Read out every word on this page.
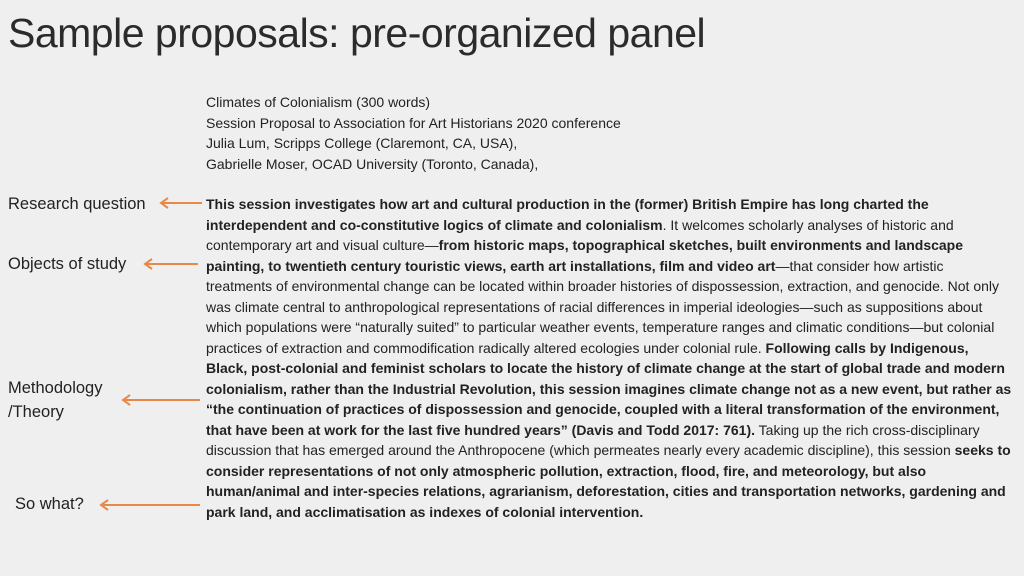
Sample proposals: pre-organized panel
Climates of Colonialism (300 words)
Session Proposal to Association for Art Historians 2020 conference
Julia Lum, Scripps College (Claremont, CA, USA),
Gabrielle Moser, OCAD University (Toronto, Canada),
Research question
Objects of study
Methodology
/Theory
So what?
This session investigates how art and cultural production in the (former) British Empire has long charted the interdependent and co-constitutive logics of climate and colonialism. It welcomes scholarly analyses of historic and contemporary art and visual culture—from historic maps, topographical sketches, built environments and landscape painting, to twentieth century touristic views, earth art installations, film and video art—that consider how artistic treatments of environmental change can be located within broader histories of dispossession, extraction, and genocide. Not only was climate central to anthropological representations of racial differences in imperial ideologies—such as suppositions about which populations were “naturally suited” to particular weather events, temperature ranges and climatic conditions—but colonial practices of extraction and commodification radically altered ecologies under colonial rule. Following calls by Indigenous, Black, post-colonial and feminist scholars to locate the history of climate change at the start of global trade and modern colonialism, rather than the Industrial Revolution, this session imagines climate change not as a new event, but rather as “the continuation of practices of dispossession and genocide, coupled with a literal transformation of the environment, that have been at work for the last five hundred years” (Davis and Todd 2017: 761). Taking up the rich cross-disciplinary discussion that has emerged around the Anthropocene (which permeates nearly every academic discipline), this session seeks to consider representations of not only atmospheric pollution, extraction, flood, fire, and meteorology, but also human/animal and inter-species relations, agrarianism, deforestation, cities and transportation networks, gardening and park land, and acclimatisation as indexes of colonial intervention.
